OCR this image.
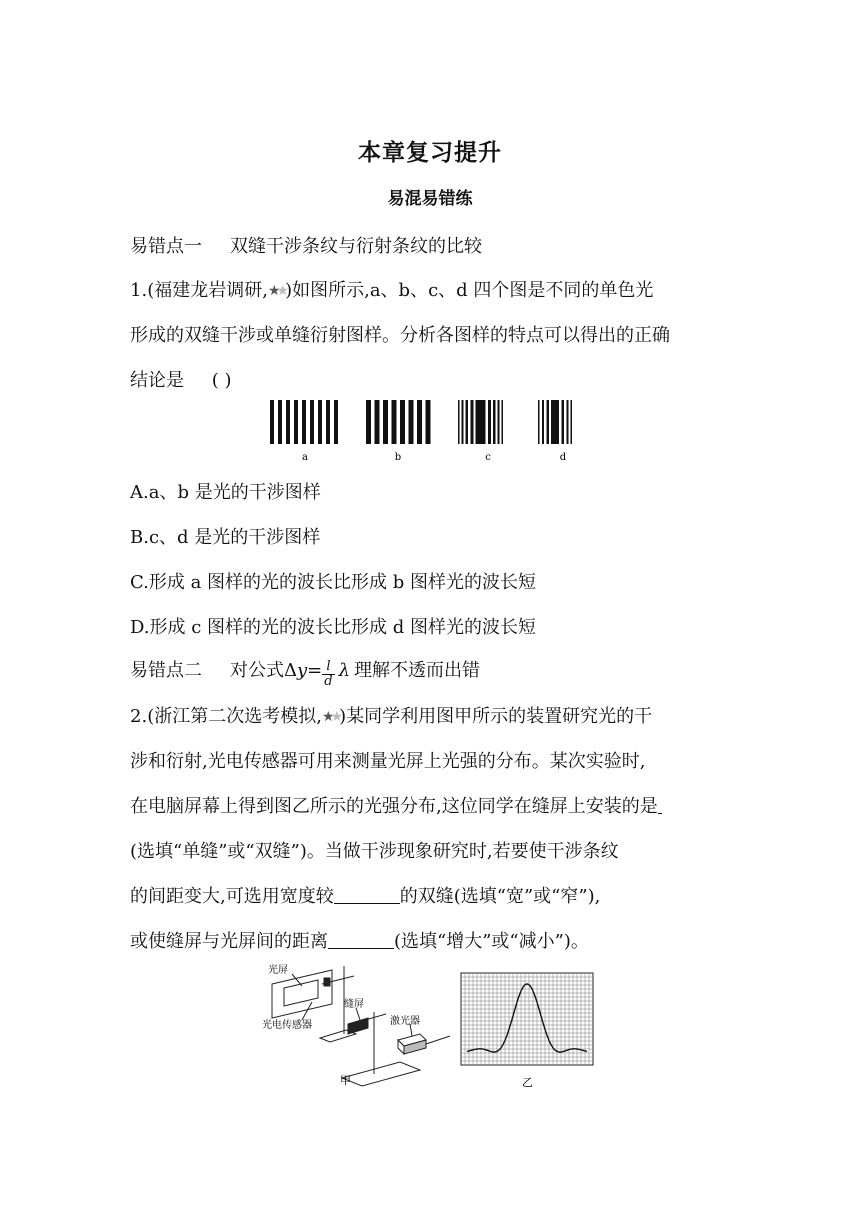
本章复习提升
易混易错练
易错点一 双缝干涉条纹与衍射条纹的比较
1.(福建龙岩调研,★★)如图所示,a、b、c、d 四个图是不同的单色光
形成的双缝干涉或单缝衍射图样。分析各图样的特点可以得出的正确
结论是 ( )
a	b	c	d
A.a、b 是光的干涉图样
B.c、d 是光的干涉图样
C.形成 a 图样的光的波长比形成 b 图样光的波长短
D.形成 c 图样的光的波长比形成 d 图样光的波长短
易错点二 对公式$\Delta y= \frac{l}{d}$ λ 理解不透而出错
2.(浙江第二次选考模拟,★★)某同学利用图甲所示的装置研究光的干
涉和衍射,光电传感器可用来测量光屏上光强的分布。某次实验时,
在电脑屏幕上得到图乙所示的光强分布,这位同学在缝屏上安装的是
(选填“单缝”或“双缝”)。当做干涉现象研究时,若要使干涉条纹
的间距变大,可选用宽度较	的双缝(选填“宽”或“窄”),
或使缝屏与光屏间的距离	(选填“增大”或“减小”)。
光屏
光电传感器
缝屏
激光器
甲	乙
